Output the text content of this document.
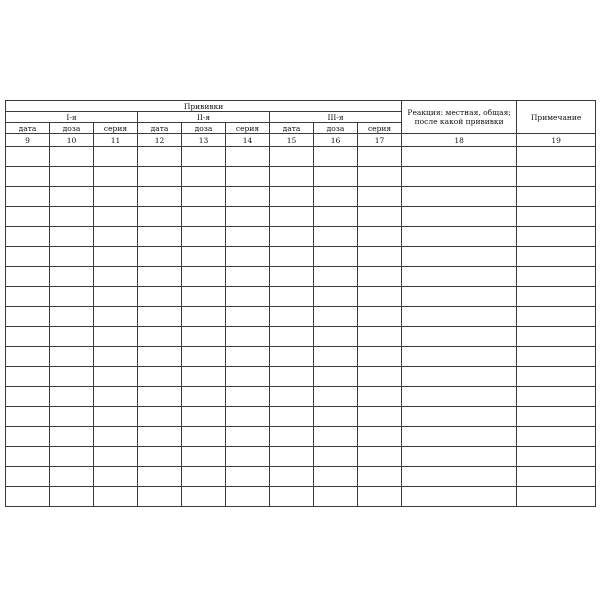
Прививки									Реакция: местная, общая; после какой прививки	Примечание
I-я			II-я			III-я				
дата	доза	серия	дата	доза	серия	дата	доза	серия		
9	10	11	12	13	14	15	16	17	18	19
